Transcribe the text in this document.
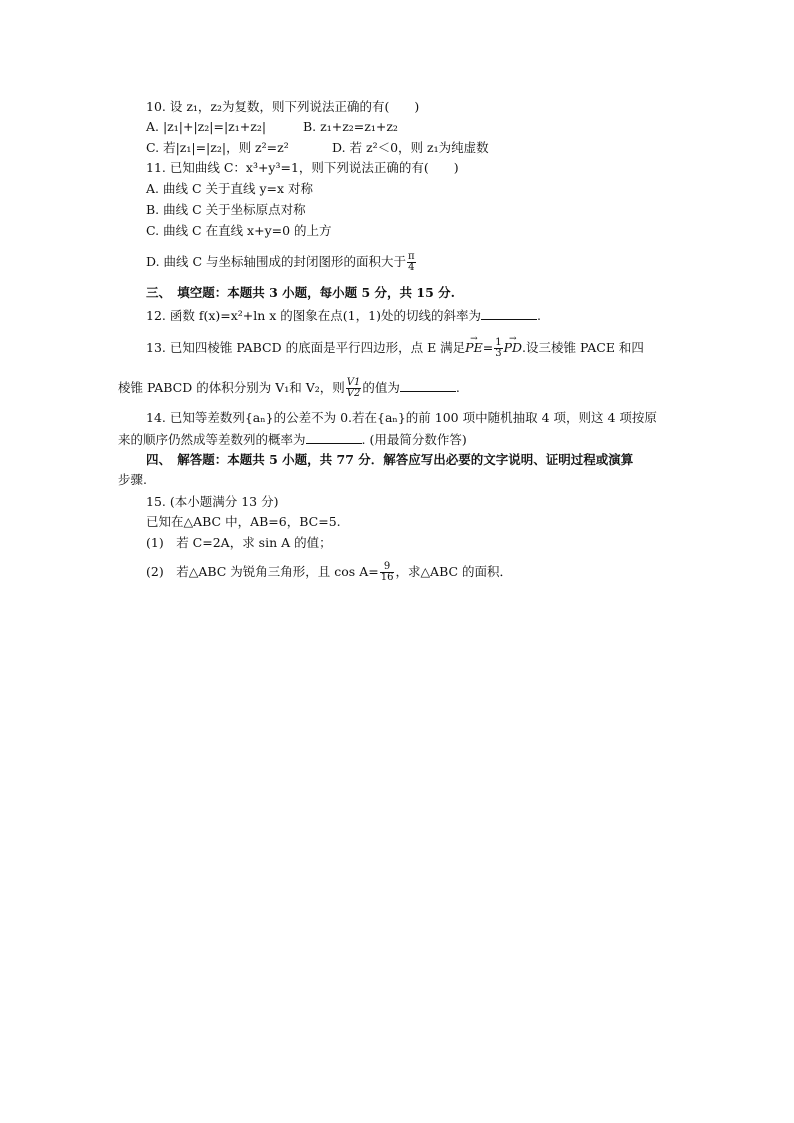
10. 设 z₁，z₂为复数，则下列说法正确的有(　　)
A. |z₁|+|z₂|=|z₁+z₂|	B. z₁+z₂=z₁+z₂
C. 若|z₁|=|z₂|，则 z²=z²	D. 若 z²＜0，则 z₁为纯虚数
11. 已知曲线 C：x³+y³=1，则下列说法正确的有(　　)
A. 曲线 C 关于直线 y=x 对称
B. 曲线 C 关于坐标原点对称
C. 曲线 C 在直线 x+y=0 的上方
D. 曲线 C 与坐标轴围成的封闭图形的面积大于 $\frac{\pi}{4}$
三、　填空题：本题共 3 小题，每小题 5 分，共 15 分.
12. 函数 f(x)=x²+ln x 的图象在点(1，1)处的切线的斜率为	.
13. 已知四棱锥 PABCD 的底面是平行四边形，点 E 满足→ $PE= \frac{1}{3}$
→ PD.设三棱锥 PACE 和四
棱锥 PABCD 的体积分别为 V₁和 V₂，则 $\frac{V1}{V2}$ 的值为	.
14. 已知等差数列{aₙ}的公差不为 0.若在{aₙ}的前 100 项中随机抽取 4 项，则这 4 项按原
来的顺序仍然成等差数列的概率为	. (用最简分数作答)
四、　解答题：本题共 5 小题，共 77 分．解答应写出必要的文字说明、证明过程或演算
步骤.
15. (本小题满分 13 分)
已知在△ABC 中，AB=6，BC=5.
(1)　若 C=2A，求 sin A 的值；
(2)　若△ABC 为锐角三角形，且 $\cos A= \frac{9}{16}$ ，求△ABC 的面积．
